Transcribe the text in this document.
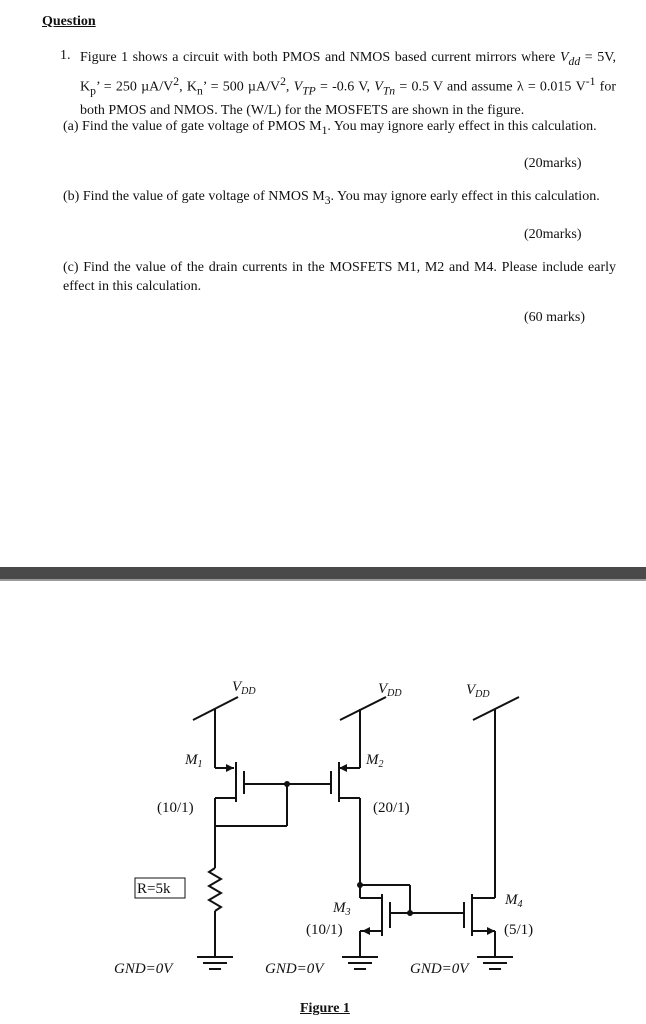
Question
1. Figure 1 shows a circuit with both PMOS and NMOS based current mirrors where $V_{dd} = 5V$, $K_p$’ = 250 $\mu A/V^2$, $K_n$’ = 500 $\mu A/V^2$, $V_{TP} = -0.6$ V, $V_{Tn} = 0.5$ V and assume λ = 0.015 $V^{-1}$ for both PMOS and NMOS. The (W/L) for the MOSFETS are shown in the figure.
(a) Find the value of gate voltage of PMOS $M_1$. You may ignore early effect in this calculation.
(20marks)
(b) Find the value of gate voltage of NMOS $M_3$. You may ignore early effect in this calculation.
(20marks)
(c) Find the value of the drain currents in the MOSFETS M1, M2 and M4. Please include early effect in this calculation.
(60 marks)
$V_{DD}$	$V_{DD}$	$V_{DD}$
$M_1$
(10/1)
$M_2$
(20/1)
R=5k
$M_3$
(10/1)
$M_4$
(5/1)
GND=0V	GND=0V	GND=0V
Figure 1
